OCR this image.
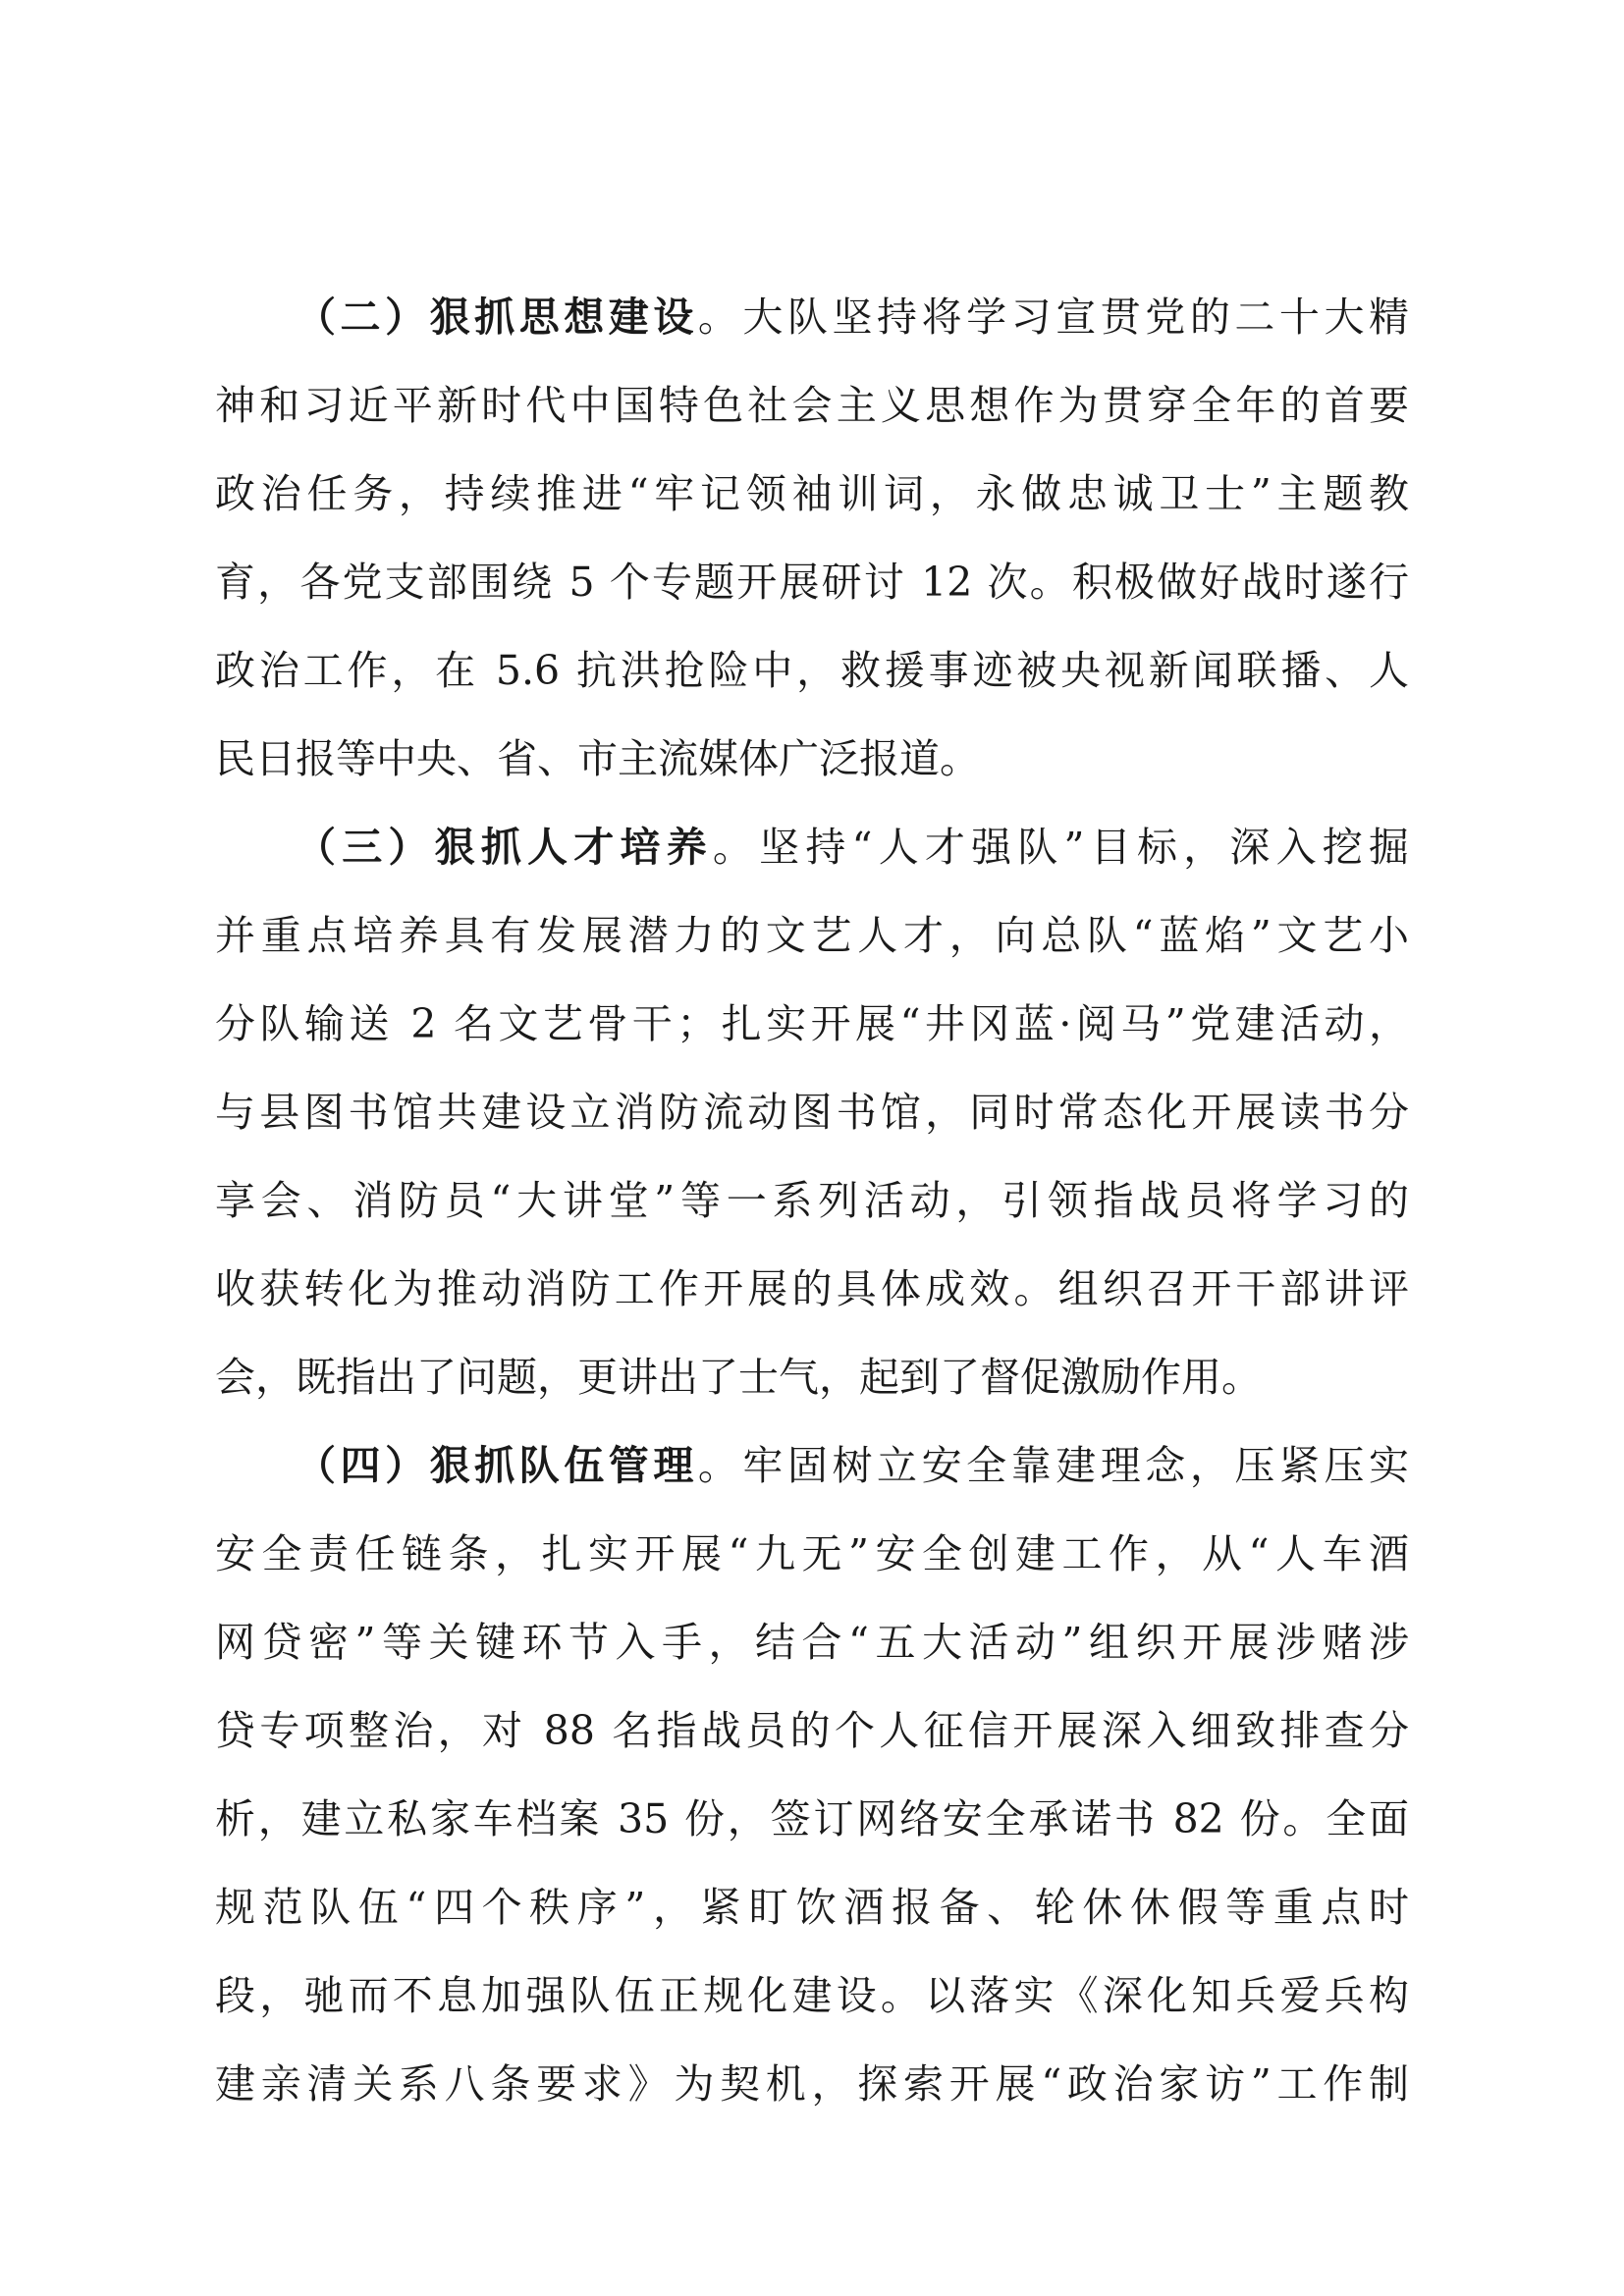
（二）狠抓思想建设。大队坚持将学习宣贯党的二十大精
神和习近平新时代中国特色社会主义思想作为贯穿全年的首要
政治任务，持续推进“牢记领袖训词，永做忠诚卫士”主题教
育，各党支部围绕 5 个专题开展研讨 12 次。积极做好战时遂行
政治工作，在 5.6 抗洪抢险中，救援事迹被央视新闻联播、人
民日报等中央、省、市主流媒体广泛报道。
（三）狠抓人才培养。坚持“人才强队”目标，深入挖掘
并重点培养具有发展潜力的文艺人才，向总队“蓝焰”文艺小
分队输送 2 名文艺骨干；扎实开展“井冈蓝·阅马”党建活动，
与县图书馆共建设立消防流动图书馆，同时常态化开展读书分
享会、消防员“大讲堂”等一系列活动，引领指战员将学习的
收获转化为推动消防工作开展的具体成效。组织召开干部讲评
会，既指出了问题，更讲出了士气，起到了督促激励作用。
（四）狠抓队伍管理。牢固树立安全靠建理念，压紧压实
安全责任链条，扎实开展“九无”安全创建工作，从“人车酒
网贷密”等关键环节入手，结合“五大活动”组织开展涉赌涉
贷专项整治，对 88 名指战员的个人征信开展深入细致排查分
析，建立私家车档案 35 份，签订网络安全承诺书 82 份。全面
规范队伍“四个秩序”，紧盯饮酒报备、轮休休假等重点时
段，驰而不息加强队伍正规化建设。以落实《深化知兵爱兵构
建亲清关系八条要求》为契机，探索开展“政治家访”工作制
